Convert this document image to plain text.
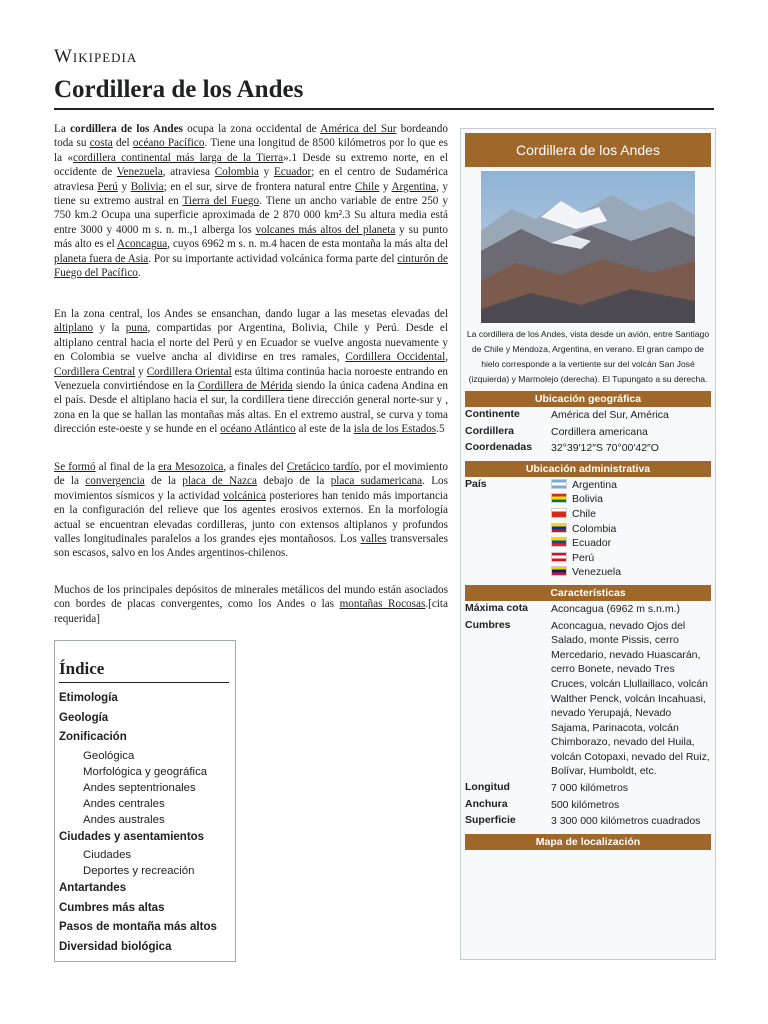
Wikipedia
Cordillera de los Andes

La cordillera de los Andes ocupa la zona occidental de América del Sur bordeando toda su costa del océano Pacífico. Tiene una longitud de 8500 kilómetros por lo que es la «cordillera continental más larga de la Tierra».1 Desde su extremo norte, en el occidente de Venezuela, atraviesa Colombia y Ecuador; en el centro de Sudamérica atraviesa Perú y Bolivia; en el sur, sirve de frontera natural entre Chile y Argentina, y tiene su extremo austral en Tierra del Fuego. Tiene un ancho variable de entre 250 y 750 km.2 Ocupa una superficie aproximada de 2 870 000 km².3 Su altura media está entre 3000 y 4000 m s. n. m.,1 alberga los volcanes más altos del planeta y su punto más alto es el Aconcagua, cuyos 6962 m s. n. m.4 hacen de esta montaña la más alta del planeta fuera de Asia. Por su importante actividad volcánica forma parte del cinturón de Fuego del Pacífico.

En la zona central, los Andes se ensanchan, dando lugar a las mesetas elevadas del altiplano y la puna, compartidas por Argentina, Bolivia, Chile y Perú. Desde el altiplano central hacia el norte del Perú y en Ecuador se vuelve angosta nuevamente y en Colombia se vuelve ancha al dividirse en tres ramales, Cordillera Occidental, Cordillera Central y Cordillera Oriental esta última continúa hacia noroeste entrando en Venezuela convirtiéndose en la Cordillera de Mérida siendo la única cadena Andina en el país. Desde el altiplano hacia el sur, la cordillera tiene dirección general norte-sur y , zona en la que se hallan las montañas más altas. En el extremo austral, se curva y toma dirección este-oeste y se hunde en el océano Atlántico al este de la isla de los Estados.5

Se formó al final de la era Mesozoica, a finales del Cretácico tardío, por el movimiento de la convergencia de la placa de Nazca debajo de la placa sudamericana. Los movimientos sísmicos y la actividad volcánica posteriores han tenido más importancia en la configuración del relieve que los agentes erosivos externos. En la morfología actual se encuentran elevadas cordilleras, junto con extensos altiplanos y profundos valles longitudinales paralelos a los grandes ejes montañosos. Los valles transversales son escasos, salvo en los Andes argentinos-chilenos.

Muchos de los principales depósitos de minerales metálicos del mundo están asociados con bordes de placas convergentes, como los Andes o las montañas Rocosas.[cita requerida]

Índice
Etimología
Geología
Zonificación
Geológica
Morfológica y geográfica
Andes septentrionales
Andes centrales
Andes australes
Ciudades y asentamientos
Ciudades
Deportes y recreación
Antartandes
Cumbres más altas
Pasos de montaña más altos
Diversidad biológica
Cordillera de los Andes
La cordillera de los Andes, vista desde un avión, entre Santiago de Chile y Mendoza, Argentina, en verano. El gran campo de hielo corresponde a la vertiente sur del volcán San José (izquierda) y Marmolejo (derecha). El Tupungato a su derecha.
Ubicación geográfica
Continente	América del Sur, América
Cordillera	Cordillera americana
Coordenadas	32°39′12″S 70°00′42″O
Ubicación administrativa
País	Argentina
Bolivia
Chile
Colombia
Ecuador
Perú
Venezuela
Características
Máxima cota	Aconcagua (6962 m s.n.m.)
Cumbres	Aconcagua, nevado Ojos del Salado, monte Pissis, cerro Mercedario, nevado Huascarán, cerro Bonete, nevado Tres Cruces, volcán Llullaillaco, volcán Walther Penck, volcán Incahuasi, nevado Yerupajá, Nevado Sajama, Parinacota, volcán Chimborazo, nevado del Huila, volcán Cotopaxi, nevado del Ruiz, Bolívar, Humboldt, etc.
Longitud	7 000 kilómetros
Anchura	500 kilómetros
Superficie	3 300 000 kilómetros cuadrados
Mapa de localización
